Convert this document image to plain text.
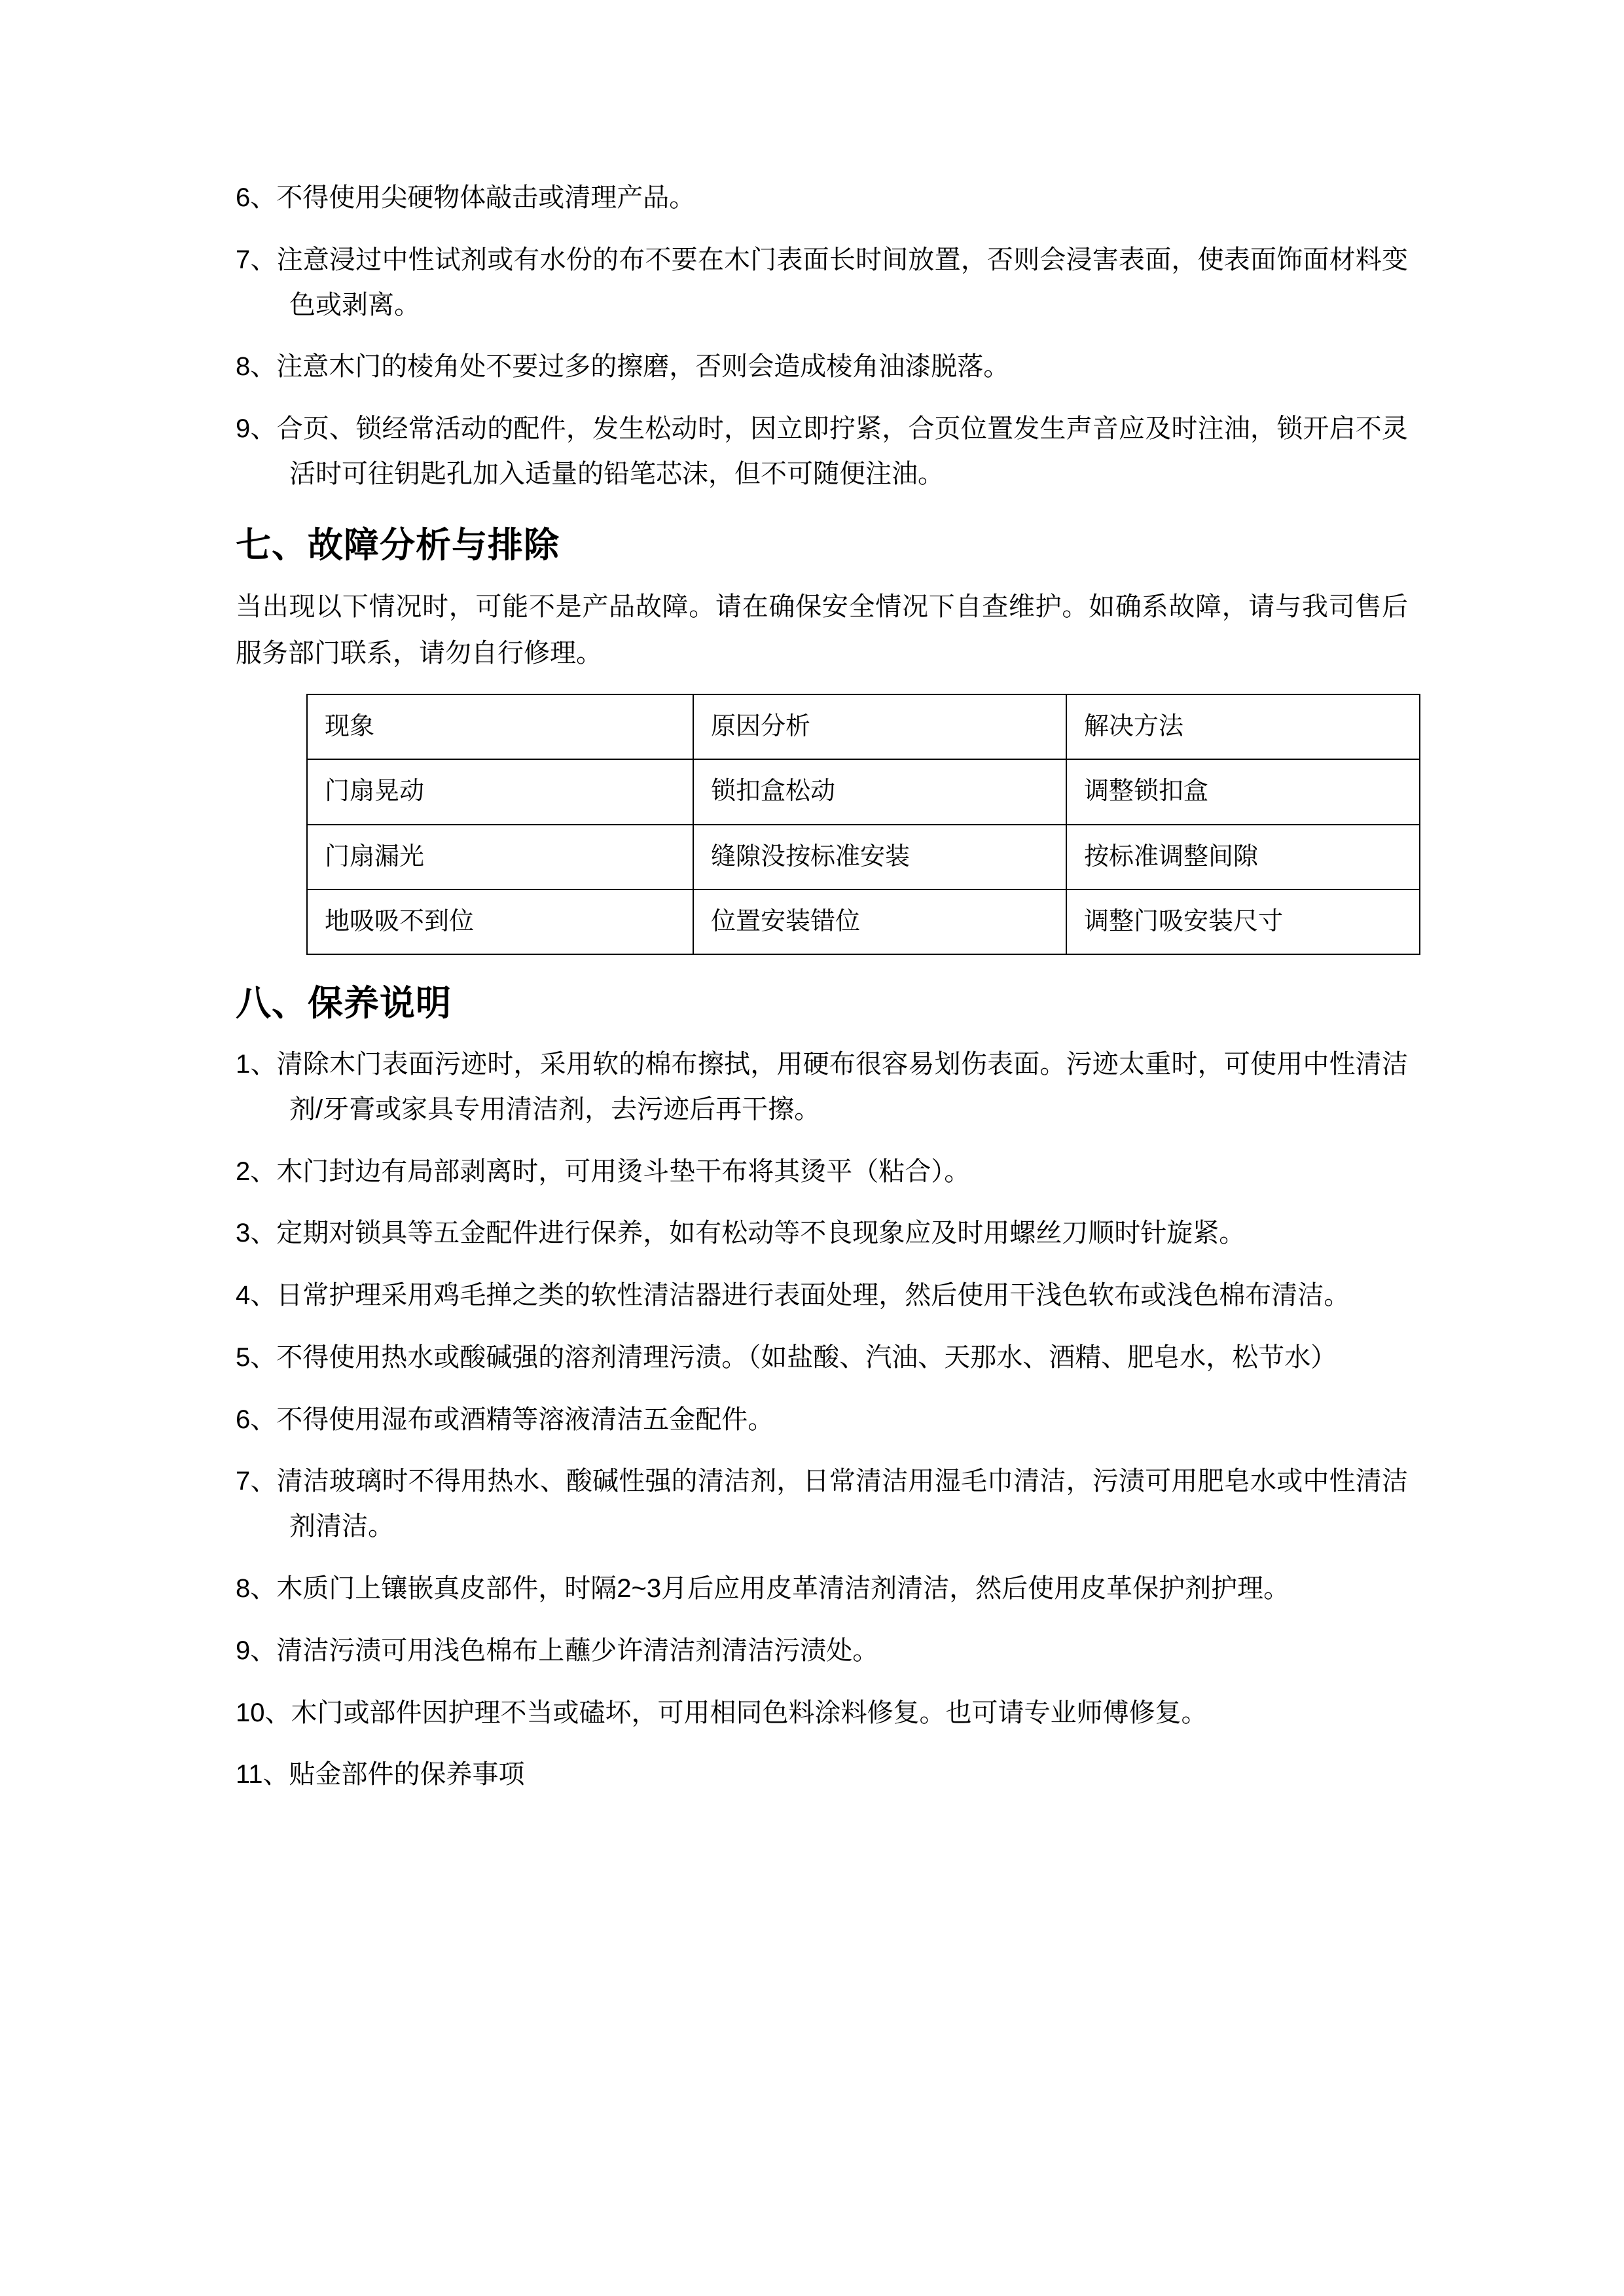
6、不得使用尖硬物体敲击或清理产品。

7、注意浸过中性试剂或有水份的布不要在木门表面长时间放置，否则会浸害表面，使表面饰面材料变色或剥离。

8、注意木门的棱角处不要过多的擦磨，否则会造成棱角油漆脱落。

9、合页、锁经常活动的配件，发生松动时，因立即拧紧，合页位置发生声音应及时注油，锁开启不灵活时可往钥匙孔加入适量的铅笔芯沫，但不可随便注油。

七、故障分析与排除

当出现以下情况时，可能不是产品故障。请在确保安全情况下自查维护。如确系故障，请与我司售后服务部门联系，请勿自行修理。

现象	原因分析	解决方法
门扇晃动	锁扣盒松动	调整锁扣盒
门扇漏光	缝隙没按标准安装	按标准调整间隙
地吸吸不到位	位置安装错位	调整门吸安装尺寸
八、保养说明

1、清除木门表面污迹时，采用软的棉布擦拭，用硬布很容易划伤表面。污迹太重时，可使用中性清洁剂/牙膏或家具专用清洁剂，去污迹后再干擦。

2、木门封边有局部剥离时，可用烫斗垫干布将其烫平（粘合）。

3、定期对锁具等五金配件进行保养，如有松动等不良现象应及时用螺丝刀顺时针旋紧。

4、日常护理采用鸡毛掸之类的软性清洁器进行表面处理，然后使用干浅色软布或浅色棉布清洁。

5、不得使用热水或酸碱强的溶剂清理污渍。（如盐酸、汽油、天那水、酒精、肥皂水，松节水）

6、不得使用湿布或酒精等溶液清洁五金配件。

7、清洁玻璃时不得用热水、酸碱性强的清洁剂，日常清洁用湿毛巾清洁，污渍可用肥皂水或中性清洁剂清洁。

8、木质门上镶嵌真皮部件，时隔2~3月后应用皮革清洁剂清洁，然后使用皮革保护剂护理。

9、清洁污渍可用浅色棉布上蘸少许清洁剂清洁污渍处。

10、木门或部件因护理不当或磕坏，可用相同色料涂料修复。也可请专业师傅修复。

11、贴金部件的保养事项
